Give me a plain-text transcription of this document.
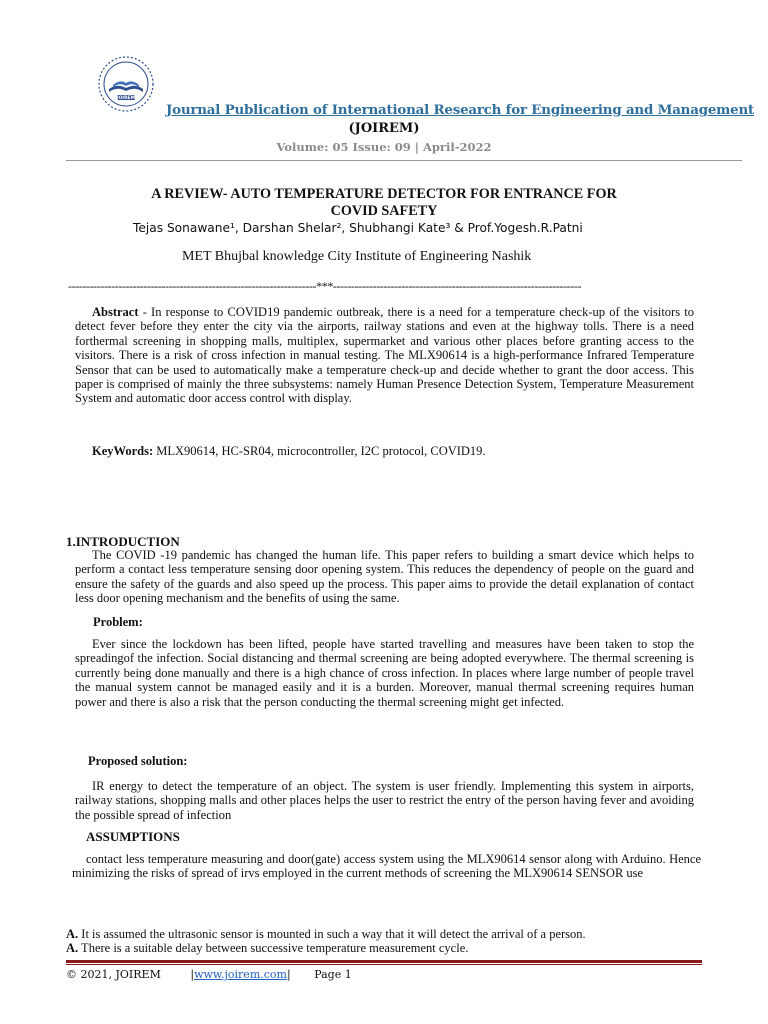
JOIREM
Journal Publication of International Research for Engineering and Management
(JOIREM)
Volume: 05 Issue: 09 | April-2022
A REVIEW- AUTO TEMPERATURE DETECTOR FOR ENTRANCE FOR
COVID SAFETY
Tejas Sonawane¹, Darshan Shelar², Shubhangi Kate³ & Prof.Yogesh.R.Patni
MET Bhujbal knowledge City Institute of Engineering Nashik
---------------------------------------------------------------------***---------------------------------------------------------------------
Abstract - In response to COVID19 pandemic outbreak, there is a need for a temperature check-up of the visitors to detect fever before they enter the city via the airports, railway stations and even at the highway tolls. There is a need forthermal screening in shopping malls, multiplex, supermarket and various other places before granting access to the visitors. There is a risk of cross infection in manual testing. The MLX90614 is a high-performance Infrared Temperature Sensor that can be used to automatically make a temperature check-up and decide whether to grant the door access. This paper is comprised of mainly the three subsystems: namely Human Presence Detection System, Temperature Measurement System and automatic door access control with display.
KeyWords: MLX90614, HC-SR04, microcontroller, I2C protocol, COVID19.
1.INTRODUCTION
The COVID -19 pandemic has changed the human life. This paper refers to building a smart device which helps to perform a contact less temperature sensing door opening system. This reduces the dependency of people on the guard and ensure the safety of the guards and also speed up the process. This paper aims to provide the detail explanation of contact less door opening mechanism and the benefits of using the same.
Problem:
Ever since the lockdown has been lifted, people have started travelling and measures have been taken to stop the spreadingof the infection. Social distancing and thermal screening are being adopted everywhere. The thermal screening is currently being done manually and there is a high chance of cross infection. In places where large number of people travel the manual system cannot be managed easily and it is a burden. Moreover, manual thermal screening requires human power and there is also a risk that the person conducting the thermal screening might get infected.
Proposed solution:
IR energy to detect the temperature of an object. The system is user friendly. Implementing this system in airports, railway stations, shopping malls and other places helps the user to restrict the entry of the person having fever and avoiding the possible spread of infection
ASSUMPTIONS
contact less temperature measuring and door(gate) access system using the MLX90614 sensor along with Arduino. Hence minimizing the risks of spread of irvs employed in the current methods of screening the MLX90614 SENSOR use
A. It is assumed the ultrasonic sensor is mounted in such a way that it will detect the arrival of a person.
A. There is a suitable delay between successive temperature measurement cycle.
© 2021, JOIREM	|www.joirem.com| Page 1
